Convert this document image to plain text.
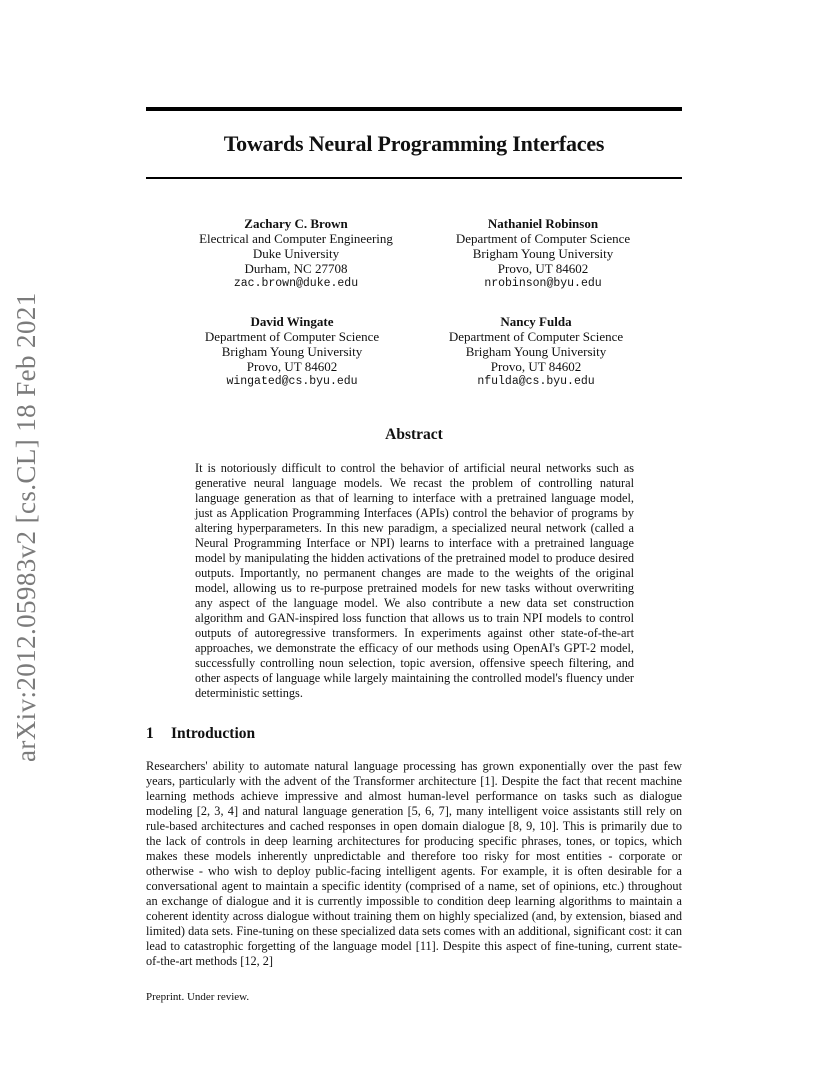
arXiv:2012.05983v2 [cs.CL] 18 Feb 2021
Towards Neural Programming Interfaces
Zachary C. Brown
Electrical and Computer Engineering
Duke University
Durham, NC 27708
zac.brown@duke.edu
Nathaniel Robinson
Department of Computer Science
Brigham Young University
Provo, UT 84602
nrobinson@byu.edu
David Wingate
Department of Computer Science
Brigham Young University
Provo, UT 84602
wingated@cs.byu.edu
Nancy Fulda
Department of Computer Science
Brigham Young University
Provo, UT 84602
nfulda@cs.byu.edu
Abstract
It is notoriously difficult to control the behavior of artificial neural networks such as generative neural language models. We recast the problem of controlling natural language generation as that of learning to interface with a pretrained language model, just as Application Programming Interfaces (APIs) control the behavior of programs by altering hyperparameters. In this new paradigm, a specialized neural network (called a Neural Programming Interface or NPI) learns to interface with a pretrained language model by manipulating the hidden activations of the pretrained model to produce desired outputs. Importantly, no permanent changes are made to the weights of the original model, allowing us to re-purpose pretrained models for new tasks without overwriting any aspect of the language model. We also contribute a new data set construction algorithm and GAN-inspired loss function that allows us to train NPI models to control outputs of autoregressive transformers. In experiments against other state-of-the-art approaches, we demonstrate the efficacy of our methods using OpenAI's GPT-2 model, successfully controlling noun selection, topic aversion, offensive speech filtering, and other aspects of language while largely maintaining the controlled model's fluency under deterministic settings.
1 Introduction
Researchers' ability to automate natural language processing has grown exponentially over the past few years, particularly with the advent of the Transformer architecture [1]. Despite the fact that recent machine learning methods achieve impressive and almost human-level performance on tasks such as dialogue modeling [2, 3, 4] and natural language generation [5, 6, 7], many intelligent voice assistants still rely on rule-based architectures and cached responses in open domain dialogue [8, 9, 10]. This is primarily due to the lack of controls in deep learning architectures for producing specific phrases, tones, or topics, which makes these models inherently unpredictable and therefore too risky for most entities - corporate or otherwise - who wish to deploy public-facing intelligent agents. For example, it is often desirable for a conversational agent to maintain a specific identity (comprised of a name, set of opinions, etc.) throughout an exchange of dialogue and it is currently impossible to condition deep learning algorithms to maintain a coherent identity across dialogue without training them on highly specialized (and, by extension, biased and limited) data sets. Fine-tuning on these specialized data sets comes with an additional, significant cost: it can lead to catastrophic forgetting of the language model [11]. Despite this aspect of fine-tuning, current state-of-the-art methods [12, 2]
Preprint. Under review.
